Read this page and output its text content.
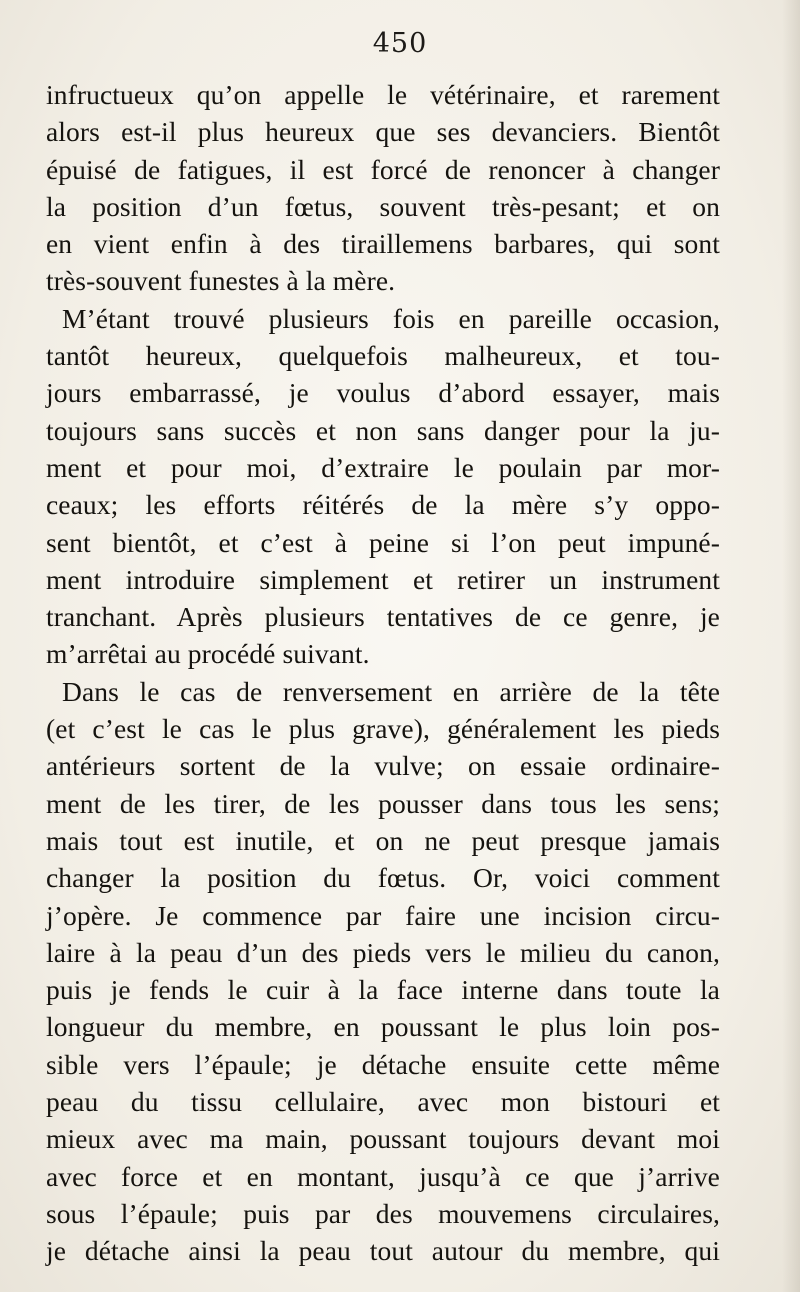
450
infructueux qu’on appelle le vétérinaire, et rarement
alors est-il plus heureux que ses devanciers. Bientôt
épuisé de fatigues, il est forcé de renoncer à changer
la position d’un fœtus, souvent très-pesant; et on
en vient enfin à des tiraillemens barbares, qui sont
très-souvent funestes à la mère.
M’étant trouvé plusieurs fois en pareille occasion,
tantôt heureux, quelquefois malheureux, et tou-
jours embarrassé, je voulus d’abord essayer, mais
toujours sans succès et non sans danger pour la ju-
ment et pour moi, d’extraire le poulain par mor-
ceaux; les efforts réitérés de la mère s’y oppo-
sent bientôt, et c’est à peine si l’on peut impuné-
ment introduire simplement et retirer un instrument
tranchant. Après plusieurs tentatives de ce genre, je
m’arrêtai au procédé suivant.
Dans le cas de renversement en arrière de la tête
(et c’est le cas le plus grave), généralement les pieds
antérieurs sortent de la vulve; on essaie ordinaire-
ment de les tirer, de les pousser dans tous les sens;
mais tout est inutile, et on ne peut presque jamais
changer la position du fœtus. Or, voici comment
j’opère. Je commence par faire une incision circu-
laire à la peau d’un des pieds vers le milieu du canon,
puis je fends le cuir à la face interne dans toute la
longueur du membre, en poussant le plus loin pos-
sible vers l’épaule; je détache ensuite cette même
peau du tissu cellulaire, avec mon bistouri et
mieux avec ma main, poussant toujours devant moi
avec force et en montant, jusqu’à ce que j’arrive
sous l’épaule; puis par des mouvemens circulaires,
je détache ainsi la peau tout autour du membre, qui
